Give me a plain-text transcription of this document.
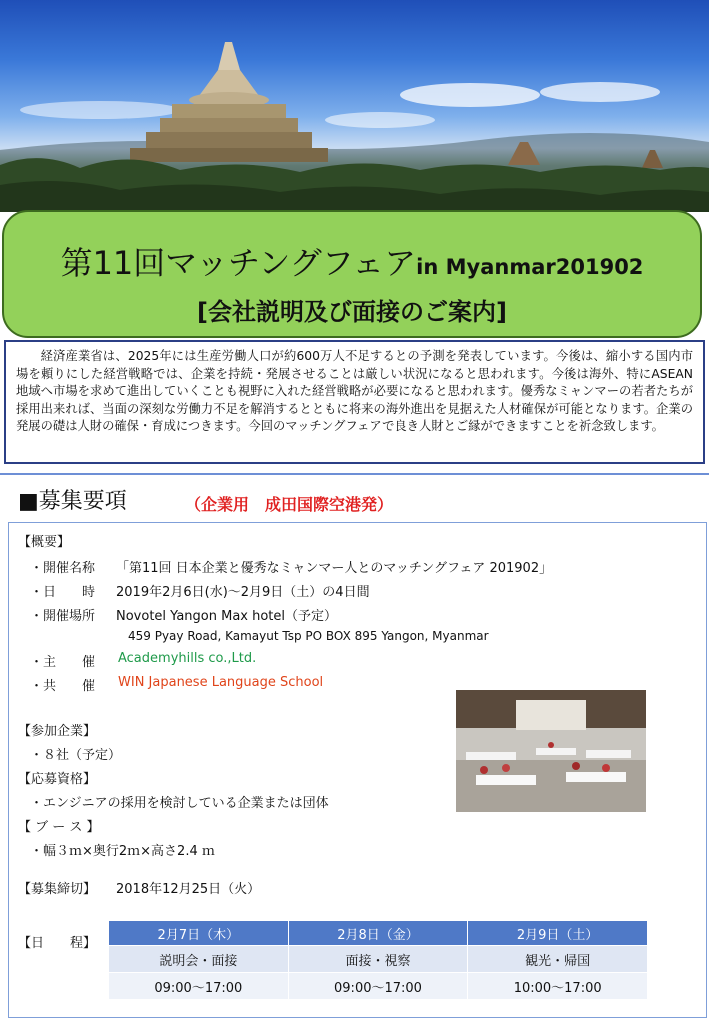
第11回マッチングフェアin Myanmar201902
[会社説明及び面接のご案内]
経済産業省は、2025年には生産労働人口が約600万人不足するとの予測を発表しています。今後は、縮小する国内市場を頼りにした経営戦略では、企業を持続・発展させることは厳しい状況になると思われます。今後は海外、特にASEAN地域へ市場を求めて進出していくことも視野に入れた経営戦略が必要になると思われます。優秀なミャンマーの若者たちが採用出来れば、当面の深刻な労働力不足を解消するとともに将来の海外進出を見据えた人材確保が可能となります。企業の発展の礎は人財の確保・育成につきます。今回のマッチングフェアで良き人財とご縁ができますことを祈念致します。
■募集要項	（企業用　成田国際空港発）
【概要】
・開催名称 「第11回 日本企業と優秀なミャンマー人とのマッチングフェア 201902」
・日　　時 2019年2月6日(水)～2月9日（土）の4日間
・開催場所 Novotel Yangon Max hotel（予定）
459 Pyay Road, Kamayut Tsp PO BOX 895 Yangon, Myanmar
・主　　催 Academyhills co.,Ltd.
・共　　催 WIN Japanese Language School
【参加企業】
・８社（予定）
【応募資格】
・エンジニアの採用を検討している企業または団体
【 ブ ー ス 】
・幅３ｍ×奥行2ｍ×高さ2.4 ｍ
【募集締切】 2018年12月25日（火）
【日　　程】
2月7日（木）	2月8日（金）	2月9日（土）
説明会・面接	面接・視察	観光・帰国
09:00～17:00	09:00～17:00	10:00～17:00
